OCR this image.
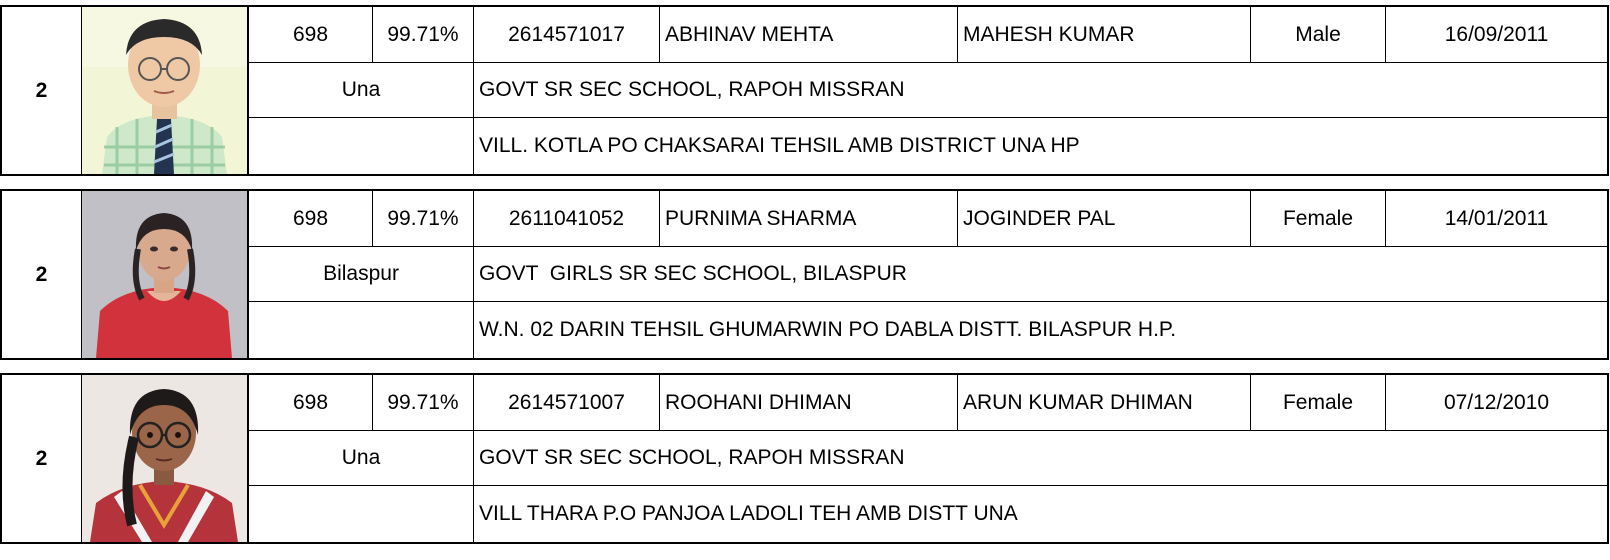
2
698	99.71%	2614571017	ABHINAV MEHTA	MAHESH KUMAR	Male	16/09/2011
Una	GOVT SR SEC SCHOOL, RAPOH MISSRAN
VILL. KOTLA PO CHAKSARAI TEHSIL AMB DISTRICT UNA HP
2
698	99.71%	2611041052	PURNIMA SHARMA	JOGINDER PAL	Female	14/01/2011
Bilaspur	GOVT  GIRLS SR SEC SCHOOL, BILASPUR
W.N. 02 DARIN TEHSIL GHUMARWIN PO DABLA DISTT. BILASPUR H.P.
2
698	99.71%	2614571007	ROOHANI DHIMAN	ARUN KUMAR DHIMAN	Female	07/12/2010
Una	GOVT SR SEC SCHOOL, RAPOH MISSRAN
VILL THARA P.O PANJOA LADOLI TEH AMB DISTT UNA
